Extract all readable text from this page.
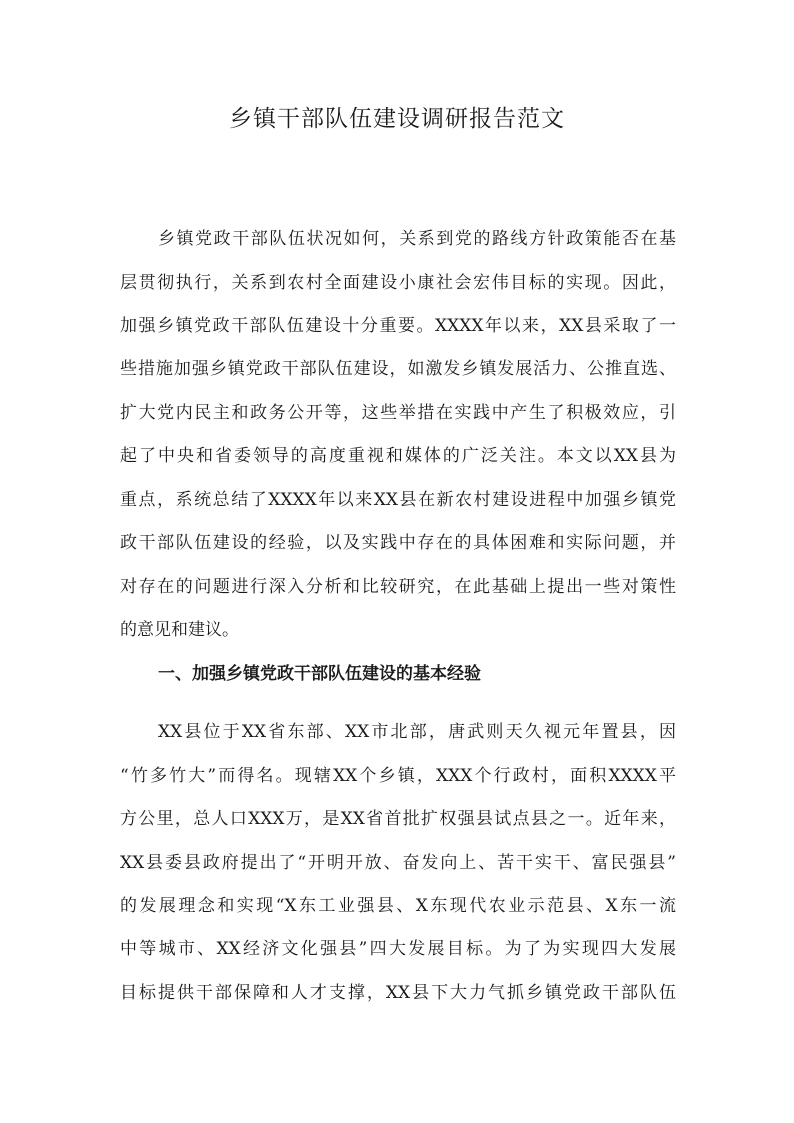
乡镇干部队伍建设调研报告范文
乡镇党政干部队伍状况如何，关系到党的路线方针政策能否在基
层贯彻执行，关系到农村全面建设小康社会宏伟目标的实现。因此，
加强乡镇党政干部队伍建设十分重要。XXXX年以来，XX县采取了一
些措施加强乡镇党政干部队伍建设，如激发乡镇发展活力、公推直选、
扩大党内民主和政务公开等，这些举措在实践中产生了积极效应，引
起了中央和省委领导的高度重视和媒体的广泛关注。本文以XX县为
重点，系统总结了XXXX年以来XX县在新农村建设进程中加强乡镇党
政干部队伍建设的经验，以及实践中存在的具体困难和实际问题，并
对存在的问题进行深入分析和比较研究，在此基础上提出一些对策性
的意见和建议。
一、加强乡镇党政干部队伍建设的基本经验
XX县位于XX省东部、XX市北部，唐武则天久视元年置县，因
“竹多竹大”而得名。现辖XX个乡镇，XXX个行政村，面积XXXX平
方公里，总人口XXX万，是XX省首批扩权强县试点县之一。近年来，
XX县委县政府提出了“开明开放、奋发向上、苦干实干、富民强县”
的发展理念和实现“X东工业强县、X东现代农业示范县、X东一流
中等城市、XX经济文化强县”四大发展目标。为了为实现四大发展
目标提供干部保障和人才支撑，XX县下大力气抓乡镇党政干部队伍
